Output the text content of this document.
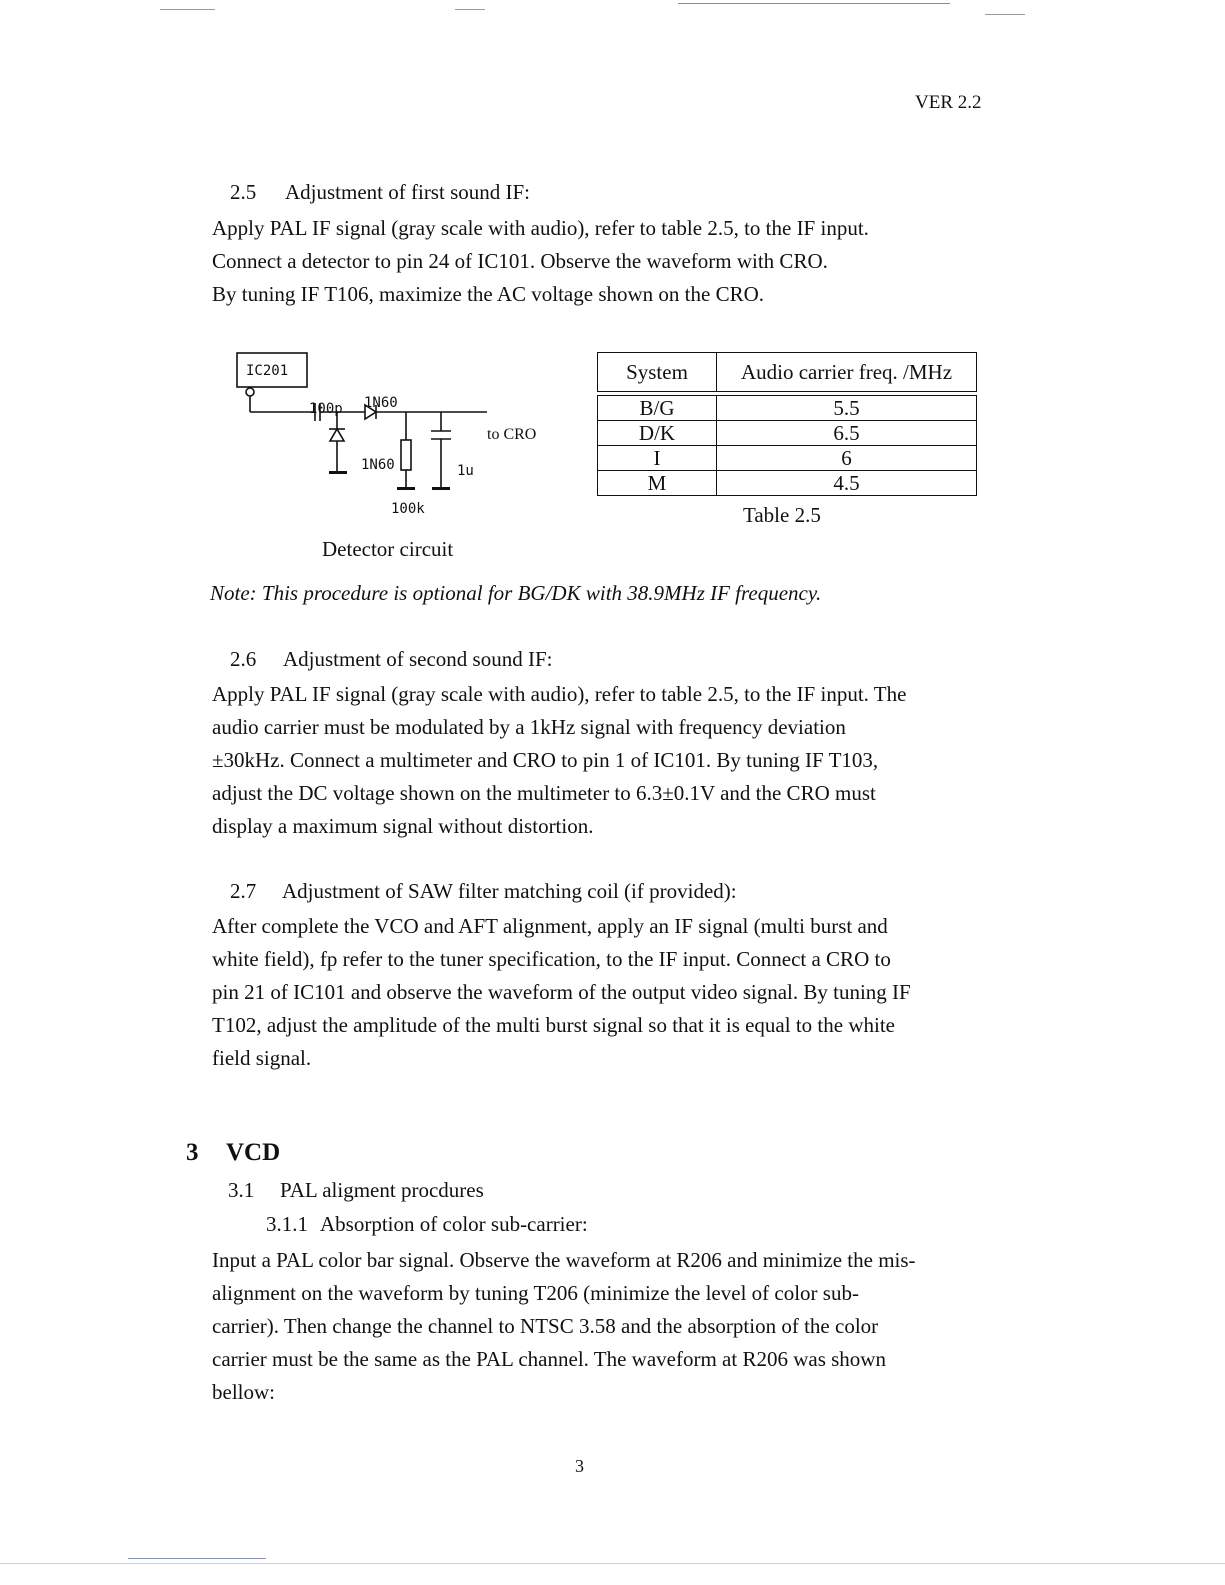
VER 2.2
2.5 Adjustment of first sound IF:
Apply PAL IF signal (gray scale with audio), refer to table 2.5, to the IF input.
Connect a detector to pin 24 of IC101. Observe the waveform with CRO.
By tuning IF T106, maximize the AC voltage shown on the CRO.
IC201
100p 1N60
1N60	1u
100k
to CRO
Detector circuit
System	Audio carrier freq. /MHz

B/G	5.5
D/K	6.5
I	6
M	4.5
Table 2.5
Note: This procedure is optional for BG/DK with 38.9MHz IF frequency.
2.6 Adjustment of second sound IF:
Apply PAL IF signal (gray scale with audio), refer to table 2.5, to the IF input. The
audio carrier must be modulated by a 1kHz signal with frequency deviation
±30kHz. Connect a multimeter and CRO to pin 1 of IC101. By tuning IF T103,
adjust the DC voltage shown on the multimeter to 6.3±0.1V and the CRO must
display a maximum signal without distortion.
2.7 Adjustment of SAW filter matching coil (if provided):
After complete the VCO and AFT alignment, apply an IF signal (multi burst and
white field), fp refer to the tuner specification, to the IF input. Connect a CRO to
pin 21 of IC101 and observe the waveform of the output video signal. By tuning IF
T102, adjust the amplitude of the multi burst signal so that it is equal to the white
field signal.
3 VCD
3.1 PAL aligment procdures
3.1.1 Absorption of color sub-carrier:
Input a PAL color bar signal. Observe the waveform at R206 and minimize the mis-
alignment on the waveform by tuning T206 (minimize the level of color sub-
carrier). Then change the channel to NTSC 3.58 and the absorption of the color
carrier must be the same as the PAL channel. The waveform at R206 was shown
bellow:
3
